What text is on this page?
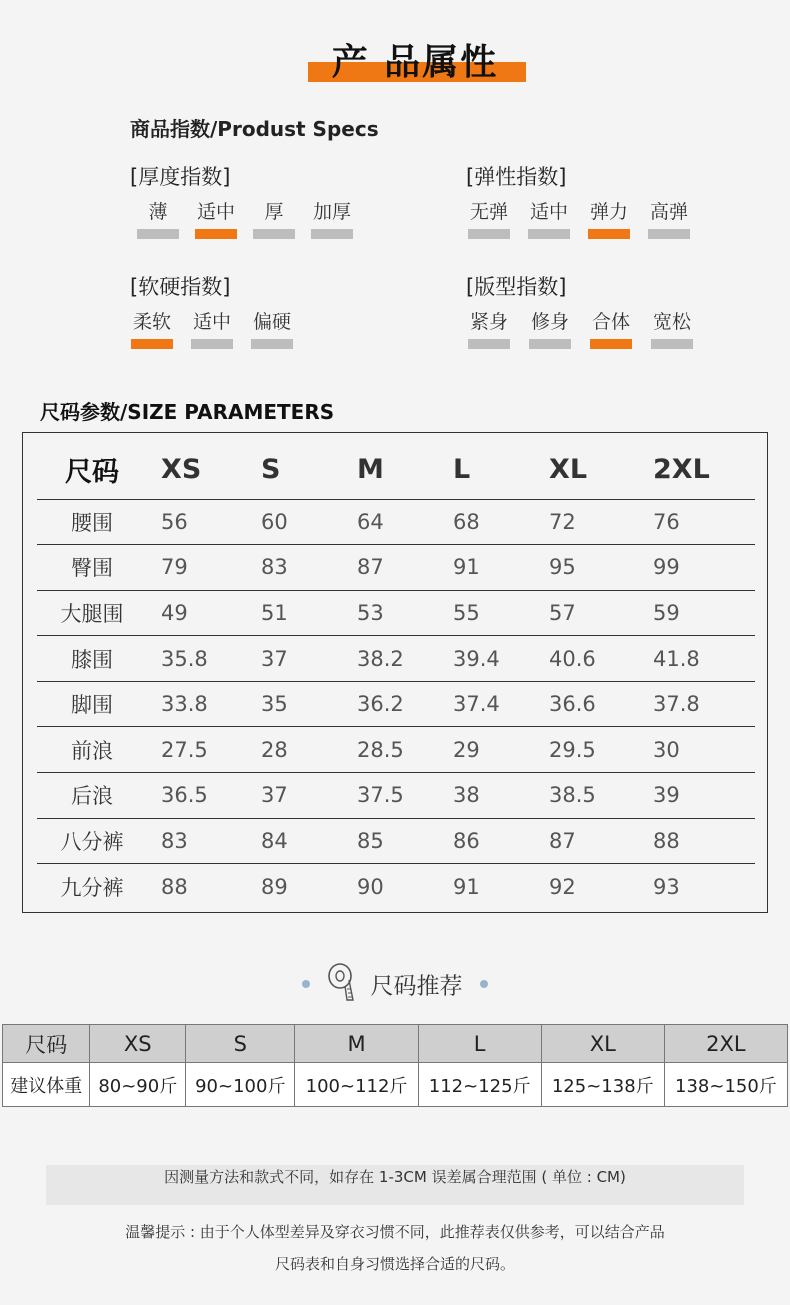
产 品属性
商品指数/Produst Specs
[厚度指数]
薄	适中	厚	加厚
[弹性指数]
无弹 适中 弹力 高弹
[软硬指数]
柔软 适中 偏硬
[版型指数]
紧身 修身 合体 宽松
尺码参数/SIZE PARAMETERS
尺码	XS	S	M	L	XL	2XL
腰围	56	60	64	68	72	76
臀围	79	83	87	91	95	99
大腿围	49	51	53	55	57	59
膝围	35.8	37	38.2	39.4	40.6	41.8
脚围	33.8	35	36.2	37.4	36.6	37.8
前浪	27.5	28	28.5	29	29.5	30
后浪	36.5	37	37.5	38	38.5	39
八分裤	83	84	85	86	87	88
九分裤	88	89	90	91	92	93
尺码推荐
尺码	XS	S	M	L	XL	2XL
建议体重	80~90斤	90~100斤	100~112斤	112~125斤	125~138斤	138~150斤
因测量方法和款式不同，如存在 1-3CM 误差属合理范围 ( 单位 : CM)
温馨提示 : 由于个人体型差异及穿衣习惯不同，此推荐表仅供参考，可以结合产品
尺码表和自身习惯选择合适的尺码。
